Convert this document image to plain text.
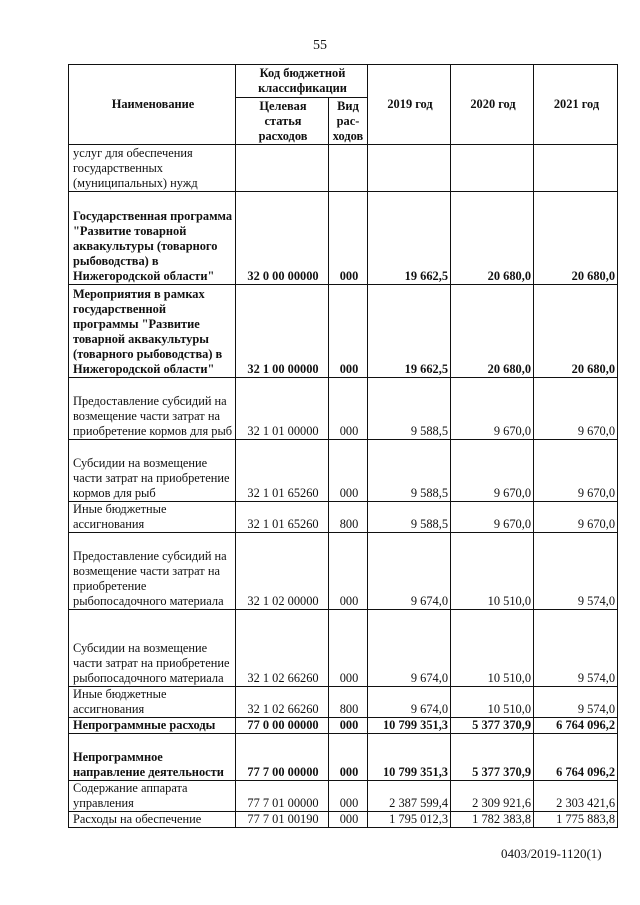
55
Наименование	Код бюджетной классификации		2019 год	2020 год	2021 год
	Целевая статья расходов	Вид рас-ходов			
услуг для обеспечения государственных (муниципальных) нужд					
Государственная программа "Развитие товарной аквакультуры (товарного рыбоводства) в Нижегородской области"	32 0 00 00000	000	19 662,5	20 680,0	20 680,0
Мероприятия в рамках государственной программы "Развитие товарной аквакультуры (товарного рыбоводства) в Нижегородской области"	32 1 00 00000	000	19 662,5	20 680,0	20 680,0
Предоставление субсидий на возмещение части затрат на приобретение кормов для рыб	32 1 01 00000	000	9 588,5	9 670,0	9 670,0
Субсидии на возмещение части затрат на приобретение кормов для рыб	32 1 01 65260	000	9 588,5	9 670,0	9 670,0
Иные бюджетные ассигнования	32 1 01 65260	800	9 588,5	9 670,0	9 670,0
Предоставление субсидий на возмещение части затрат на приобретение рыбопосадочного материала	32 1 02 00000	000	9 674,0	10 510,0	9 574,0
Субсидии на возмещение части затрат на приобретение рыбопосадочного материала	32 1 02 66260	000	9 674,0	10 510,0	9 574,0
Иные бюджетные ассигнования	32 1 02 66260	800	9 674,0	10 510,0	9 574,0
Непрограммные расходы	77 0 00 00000	000	10 799 351,3	5 377 370,9	6 764 096,2
Непрограммное направление деятельности	77 7 00 00000	000	10 799 351,3	5 377 370,9	6 764 096,2
Содержание аппарата управления	77 7 01 00000	000	2 387 599,4	2 309 921,6	2 303 421,6
Расходы на обеспечение	77 7 01 00190	000	1 795 012,3	1 782 383,8	1 775 883,8
0403/2019-1120(1)
